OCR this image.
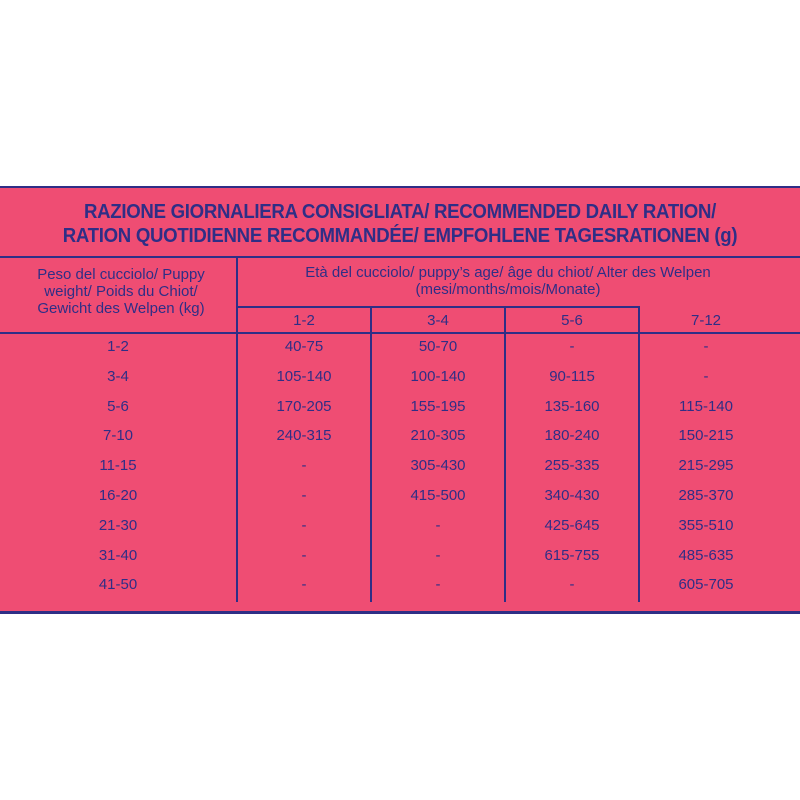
RAZIONE GIORNALIERA CONSIGLIATA/ RECOMMENDED DAILY RATION/
RATION QUOTIDIENNE RECOMMANDÉE/ EMPFOHLENE TAGESRATIONEN (g)
Peso del cucciolo/ Puppy
weight/ Poids du Chiot/
Gewicht des Welpen (kg)
Età del cucciolo/ puppy’s age/ âge du chiot/ Alter des Welpen
(mesi/months/mois/Monate)
1-2	3-4	5-6	7-12
1-2	40-75	50-70	-	-
3-4	105-140	100-140	90-115	-
5-6	170-205	155-195	135-160	115-140
7-10	240-315	210-305	180-240	150-215
11-15	-	305-430	255-335	215-295
16-20	-	415-500	340-430	285-370
21-30	-	-	425-645	355-510
31-40	-	-	615-755	485-635
41-50	-	-	-	605-705
